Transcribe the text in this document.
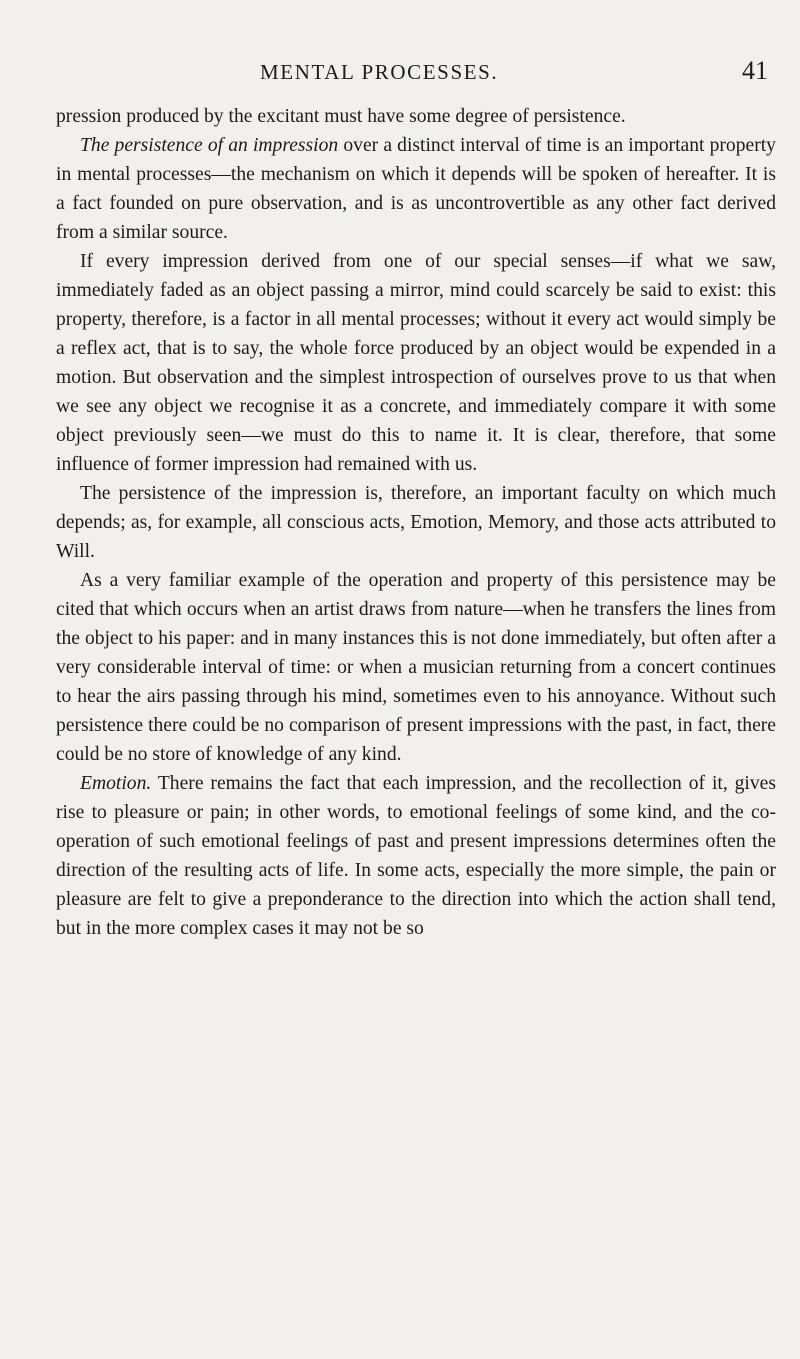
MENTAL PROCESSES.	41

pression produced by the excitant must have some degree of persistence.

The persistence of an impression over a distinct interval of time is an important property in mental processes—the mechanism on which it depends will be spoken of hereafter. It is a fact founded on pure observation, and is as uncontrovertible as any other fact derived from a similar source.

If every impression derived from one of our special senses—if what we saw, immediately faded as an object passing a mirror, mind could scarcely be said to exist: this property, therefore, is a factor in all mental processes; without it every act would simply be a reflex act, that is to say, the whole force produced by an object would be expended in a motion. But observation and the simplest introspection of ourselves prove to us that when we see any object we recognise it as a concrete, and immediately compare it with some object previously seen—we must do this to name it. It is clear, therefore, that some influence of former impression had remained with us.

The persistence of the impression is, therefore, an important faculty on which much depends; as, for example, all conscious acts, Emotion, Memory, and those acts attributed to Will.

As a very familiar example of the operation and property of this persistence may be cited that which occurs when an artist draws from nature—when he transfers the lines from the object to his paper: and in many instances this is not done immediately, but often after a very considerable interval of time: or when a musician returning from a concert continues to hear the airs passing through his mind, sometimes even to his annoyance. Without such persistence there could be no comparison of present impressions with the past, in fact, there could be no store of knowledge of any kind.

Emotion. There remains the fact that each impression, and the recollection of it, gives rise to pleasure or pain; in other words, to emotional feelings of some kind, and the co-operation of such emotional feelings of past and present impressions determines often the direction of the resulting acts of life. In some acts, especially the more simple, the pain or pleasure are felt to give a preponderance to the direction into which the action shall tend, but in the more complex cases it may not be so
